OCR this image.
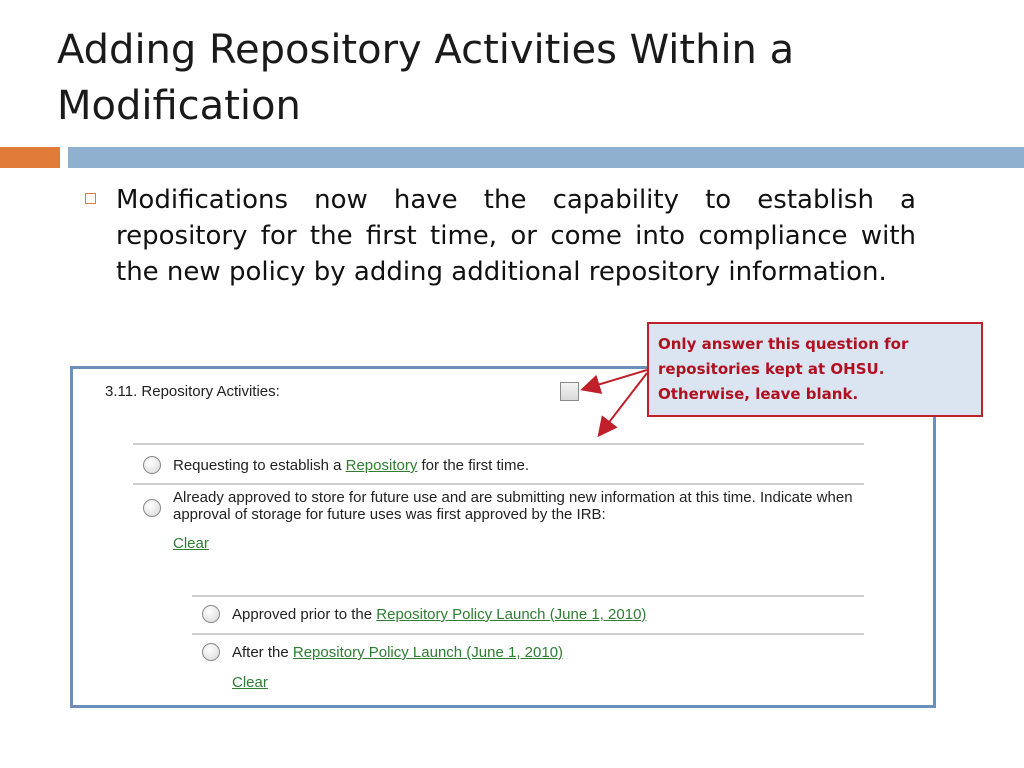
Adding Repository Activities Within a Modification
Modifications now have the capability to establish a repository for the first time, or come into compliance with the new policy by adding additional repository information.
3.11. Repository Activities:
Requesting to establish a Repository for the first time.
Already approved to store for future use and are submitting new information at this time. Indicate when approval of storage for future uses was first approved by the IRB:
Clear
Approved prior to the Repository Policy Launch (June 1, 2010)
After the Repository Policy Launch (June 1, 2010)
Clear
Only answer this question for repositories kept at OHSU. Otherwise, leave blank.
